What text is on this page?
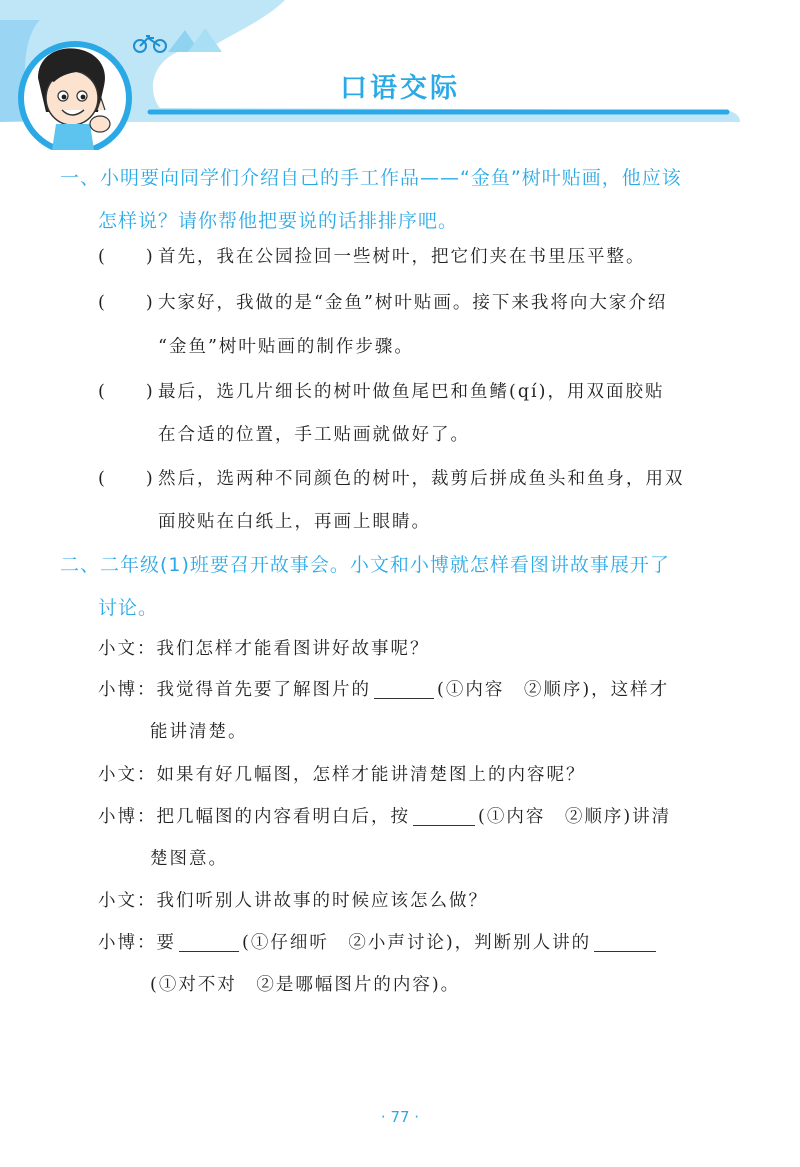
口语交际
一、小明要向同学们介绍自己的手工作品——“金鱼”树叶贴画，他应该
怎样说？请你帮他把要说的话排排序吧。
(　　) 首先，我在公园捡回一些树叶，把它们夹在书里压平整。
(　　) 大家好，我做的是“金鱼”树叶贴画。接下来我将向大家介绍
“金鱼”树叶贴画的制作步骤。
(　　) 最后，选几片细长的树叶做鱼尾巴和鱼鳍(qí)，用双面胶贴
在合适的位置，手工贴画就做好了。
(　　) 然后，选两种不同颜色的树叶，裁剪后拼成鱼头和鱼身，用双
面胶贴在白纸上，再画上眼睛。
二、二年级(1)班要召开故事会。小文和小博就怎样看图讲故事展开了
讨论。
小文：我们怎样才能看图讲好故事呢？
小博：我觉得首先要了解图片的	(①内容　②顺序)，这样才
能讲清楚。
小文：如果有好几幅图，怎样才能讲清楚图上的内容呢？
小博：把几幅图的内容看明白后，按	(①内容　②顺序)讲清
楚图意。
小文：我们听别人讲故事的时候应该怎么做？
小博：要	(①仔细听　②小声讨论)，判断别人讲的
(①对不对　②是哪幅图片的内容)。
· 77 ·
